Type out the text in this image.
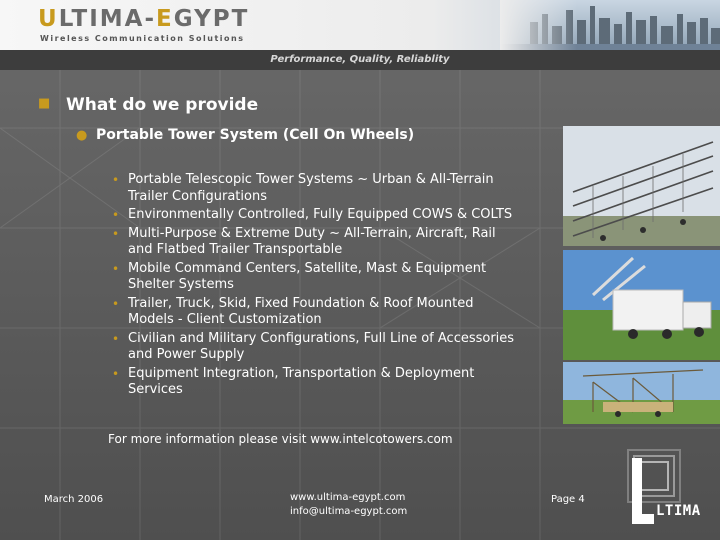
ULTIMA-EGYPT
Wireless Communication Solutions
Performance, Quality, Reliablity
■ What do we provide
● Portable Tower System (Cell On Wheels)
• Portable Telescopic Tower Systems ~ Urban & All-Terrain Trailer Configurations
• Environmentally Controlled, Fully Equipped COWS & COLTS
• Multi-Purpose & Extreme Duty ~ All-Terrain, Aircraft, Rail and Flatbed Trailer Transportable
• Mobile Command Centers, Satellite, Mast & Equipment Shelter Systems
• Trailer, Truck, Skid, Fixed Foundation & Roof Mounted Models - Client Customization
• Civilian and Military Configurations, Full Line of Accessories and Power Supply
• Equipment Integration, Transportation & Deployment Services
For more information please visit www.intelcotowers.com
March 2006	www.ultima-egypt.com
info@ultima-egypt.com
Page 4
LTIMA
